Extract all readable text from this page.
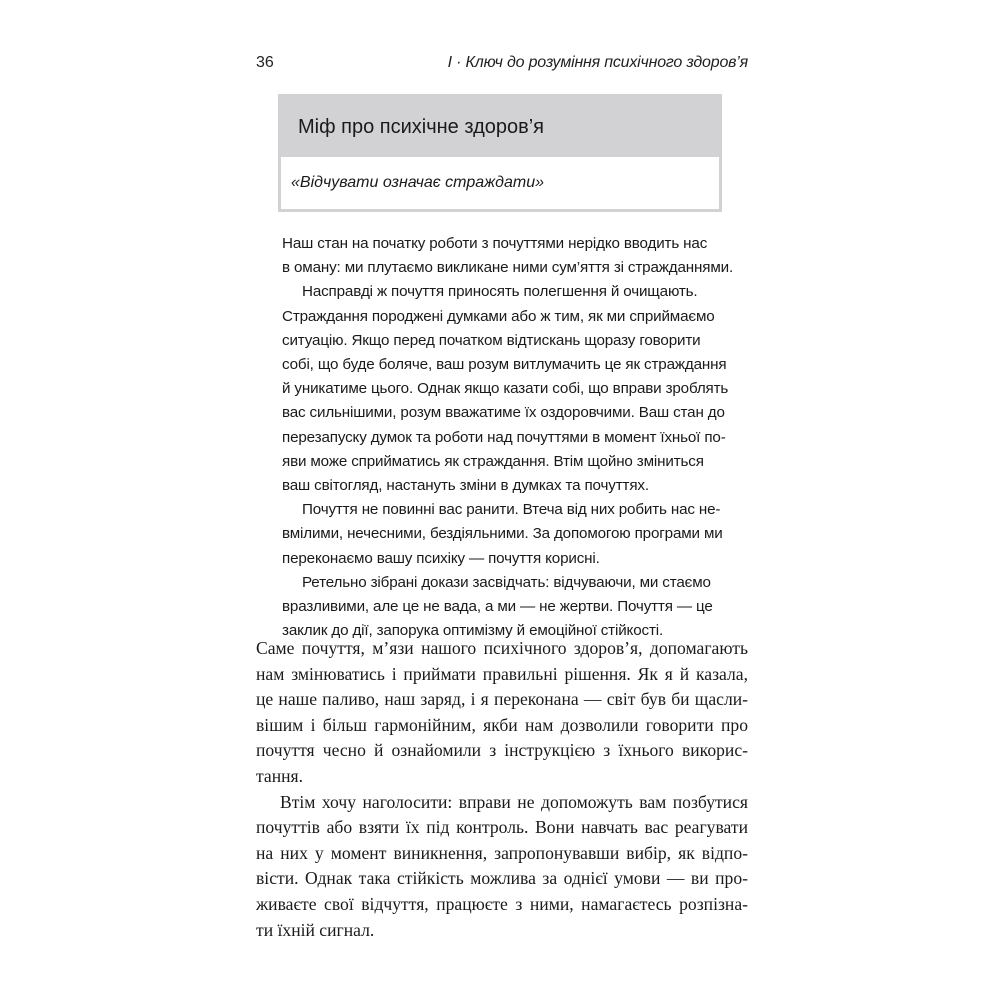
36	І · Ключ до розуміння психічного здоров’я
Міф про психічне здоров’я
«Відчувати означає страждати»
Наш стан на початку роботи з почуттями нерідко вводить нас
в оману: ми плутаємо викликане ними сум’яття зі стражданнями.
Насправді ж почуття приносять полегшення й очищають.
Страждання породжені думками або ж тим, як ми сприймаємо
ситуацію. Якщо перед початком відтискань щоразу говорити
собі, що буде боляче, ваш розум витлумачить це як страждання
й уникатиме цього. Однак якщо казати собі, що вправи зроблять
вас сильнішими, розум вважатиме їх оздоровчими. Ваш стан до
перезапуску думок та роботи над почуттями в момент їхньої по-
яви може сприйматись як страждання. Втім щойно зміниться
ваш світогляд, настануть зміни в думках та почуттях.
Почуття не повинні вас ранити. Втеча від них робить нас не-
вмілими, нечесними, бездіяльними. За допомогою програми ми
переконаємо вашу психіку — почуття корисні.
Ретельно зібрані докази засвідчать: відчуваючи, ми стаємо
вразливими, але це не вада, а ми — не жертви. Почуття — це
заклик до дії, запорука оптимізму й емоційної стійкості.
Саме почуття, м’язи нашого психічного здоров’я, допомагають
нам змінюватись і приймати правильні рішення. Як я й казала,
це наше паливо, наш заряд, і я переконана — світ був би щасли-
вішим і більш гармонійним, якби нам дозволили говорити про
почуття чесно й ознайомили з інструкцією з їхнього викорис-
тання.
Втім хочу наголосити: вправи не допоможуть вам позбутися
почуттів або взяти їх під контроль. Вони навчать вас реагувати
на них у момент виникнення, запропонувавши вибір, як відпо-
вісти. Однак така стійкість можлива за однієї умови — ви про-
живаєте свої відчуття, працюєте з ними, намагаєтесь розпізна-
ти їхній сигнал.
